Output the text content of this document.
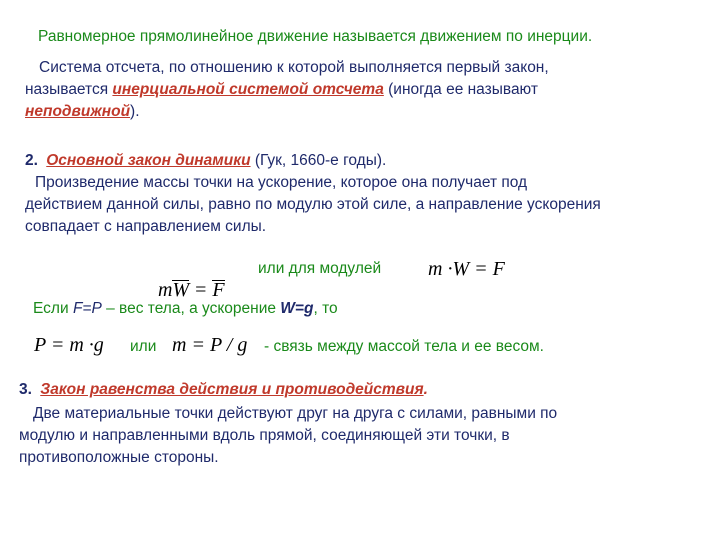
Равномерное прямолинейное движение называется движением по инерции.
Система отсчета, по отношению к которой выполняется первый закон,
называется инерциальной системой отсчета (иногда ее называют
неподвижной).
2. Основной закон динамики (Гук, 1660-е годы).
Произведение массы точки на ускорение, которое она получает под
действием данной силы, равно по модулю этой силе, а направление ускорения
совпадает с направлением силы.

mW = F

или для модулей m ·W = F
Если F=P – вес тела, а ускорение W=g, то
P = m ·g или m = P / g - связь между массой тела и ее весом.
3. Закон равенства действия и противодействия.
Две материальные точки действуют друг на друга с силами, равными по
модулю и направленными вдоль прямой, соединяющей эти точки, в
противоположные стороны.
